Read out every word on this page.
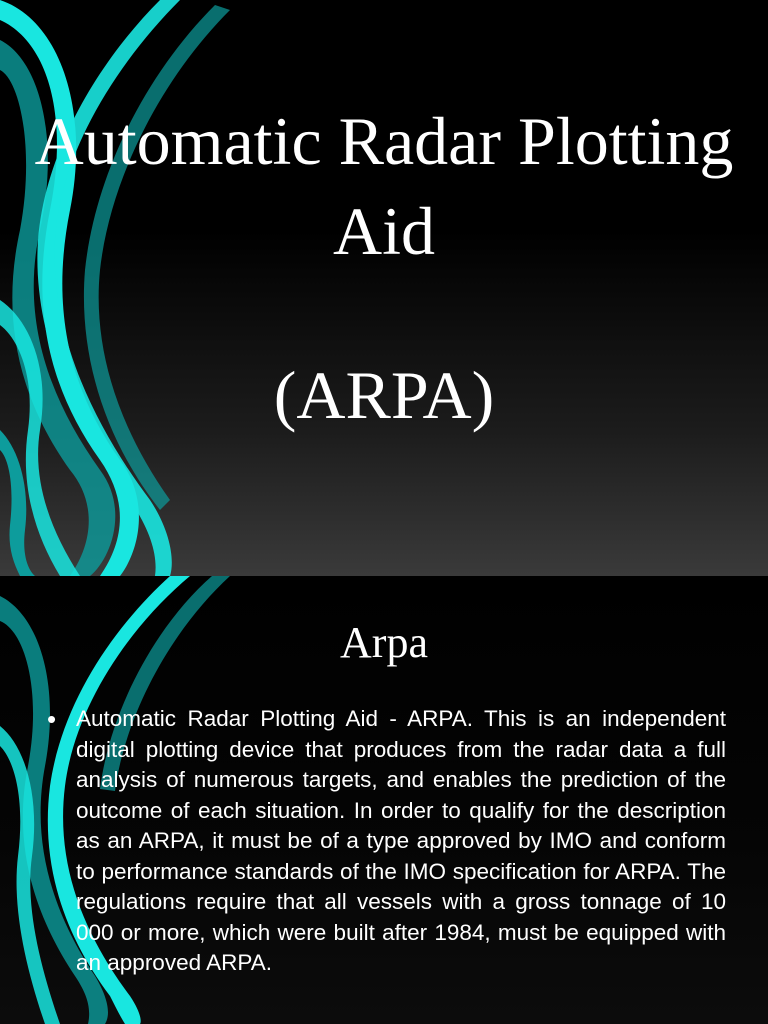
Automatic Radar Plotting Aid
(ARPA)
Arpa
• Automatic Radar Plotting Aid - ARPA. This is an independent digital plotting device that produces from the radar data a full analysis of numerous targets, and enables the prediction of the outcome of each situation. In order to qualify for the description as an ARPA, it must be of a type approved by IMO and conform to performance standards of the IMO specification for ARPA. The regulations require that all vessels with a gross tonnage of 10 000 or more, which were built after 1984, must be equipped with an approved ARPA.
